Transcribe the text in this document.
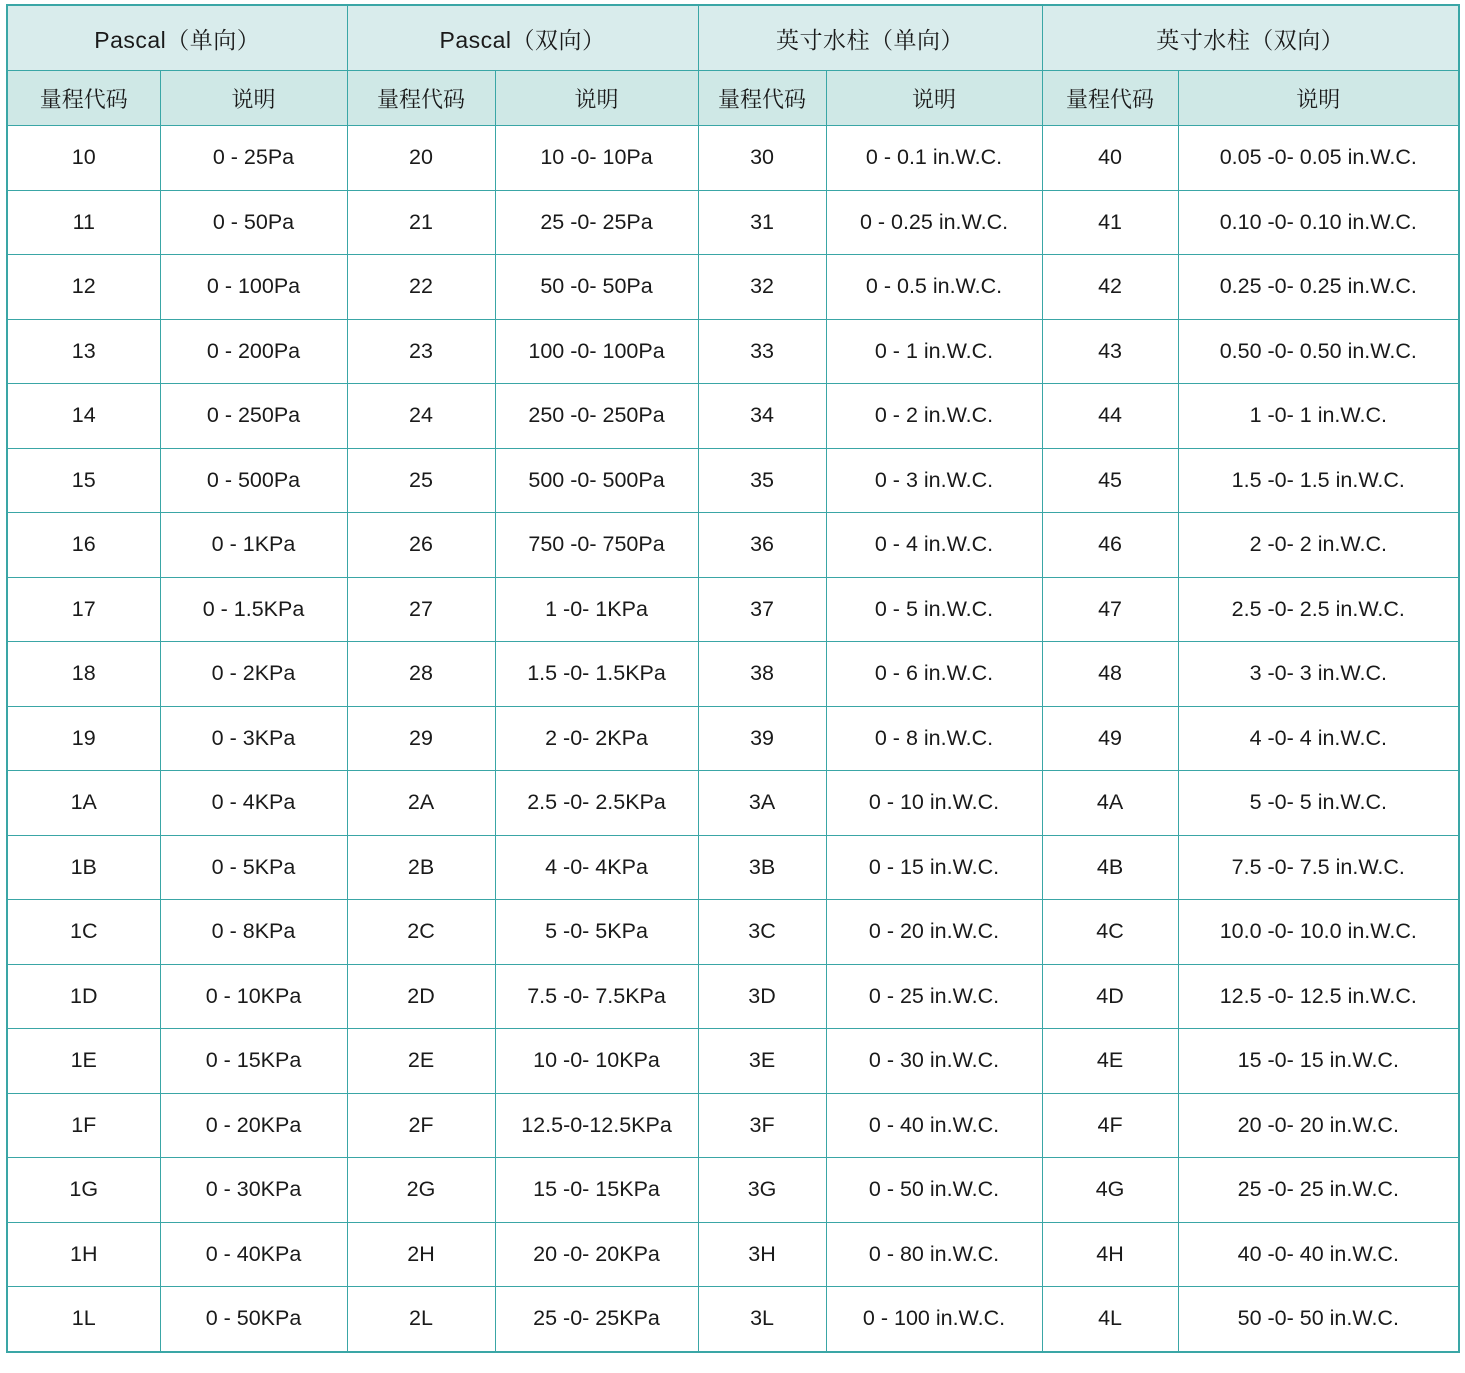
Pascal（单向）		Pascal（双向）		英寸水柱（单向）		英寸水柱（双向）	
量程代码	说明	量程代码	说明	量程代码	说明	量程代码	说明
10	0 - 25Pa	20	10 -0- 10Pa	30	0 - 0.1 in.W.C.	40	0.05 -0- 0.05 in.W.C.
11	0 - 50Pa	21	25 -0- 25Pa	31	0 - 0.25 in.W.C.	41	0.10 -0- 0.10 in.W.C.
12	0 - 100Pa	22	50 -0- 50Pa	32	0 - 0.5 in.W.C.	42	0.25 -0- 0.25 in.W.C.
13	0 - 200Pa	23	100 -0- 100Pa	33	0 - 1 in.W.C.	43	0.50 -0- 0.50 in.W.C.
14	0 - 250Pa	24	250 -0- 250Pa	34	0 - 2 in.W.C.	44	1 -0- 1 in.W.C.
15	0 - 500Pa	25	500 -0- 500Pa	35	0 - 3 in.W.C.	45	1.5 -0- 1.5 in.W.C.
16	0 - 1KPa	26	750 -0- 750Pa	36	0 - 4 in.W.C.	46	2 -0- 2 in.W.C.
17	0 - 1.5KPa	27	1 -0- 1KPa	37	0 - 5 in.W.C.	47	2.5 -0- 2.5 in.W.C.
18	0 - 2KPa	28	1.5 -0- 1.5KPa	38	0 - 6 in.W.C.	48	3 -0- 3 in.W.C.
19	0 - 3KPa	29	2 -0- 2KPa	39	0 - 8 in.W.C.	49	4 -0- 4 in.W.C.
1A	0 - 4KPa	2A	2.5 -0- 2.5KPa	3A	0 - 10 in.W.C.	4A	5 -0- 5 in.W.C.
1B	0 - 5KPa	2B	4 -0- 4KPa	3B	0 - 15 in.W.C.	4B	7.5 -0- 7.5 in.W.C.
1C	0 - 8KPa	2C	5 -0- 5KPa	3C	0 - 20 in.W.C.	4C	10.0 -0- 10.0 in.W.C.
1D	0 - 10KPa	2D	7.5 -0- 7.5KPa	3D	0 - 25 in.W.C.	4D	12.5 -0- 12.5 in.W.C.
1E	0 - 15KPa	2E	10 -0- 10KPa	3E	0 - 30 in.W.C.	4E	15 -0- 15 in.W.C.
1F	0 - 20KPa	2F	12.5-0-12.5KPa	3F	0 - 40 in.W.C.	4F	20 -0- 20 in.W.C.
1G	0 - 30KPa	2G	15 -0- 15KPa	3G	0 - 50 in.W.C.	4G	25 -0- 25 in.W.C.
1H	0 - 40KPa	2H	20 -0- 20KPa	3H	0 - 80 in.W.C.	4H	40 -0- 40 in.W.C.
1L	0 - 50KPa	2L	25 -0- 25KPa	3L	0 - 100 in.W.C.	4L	50 -0- 50 in.W.C.
